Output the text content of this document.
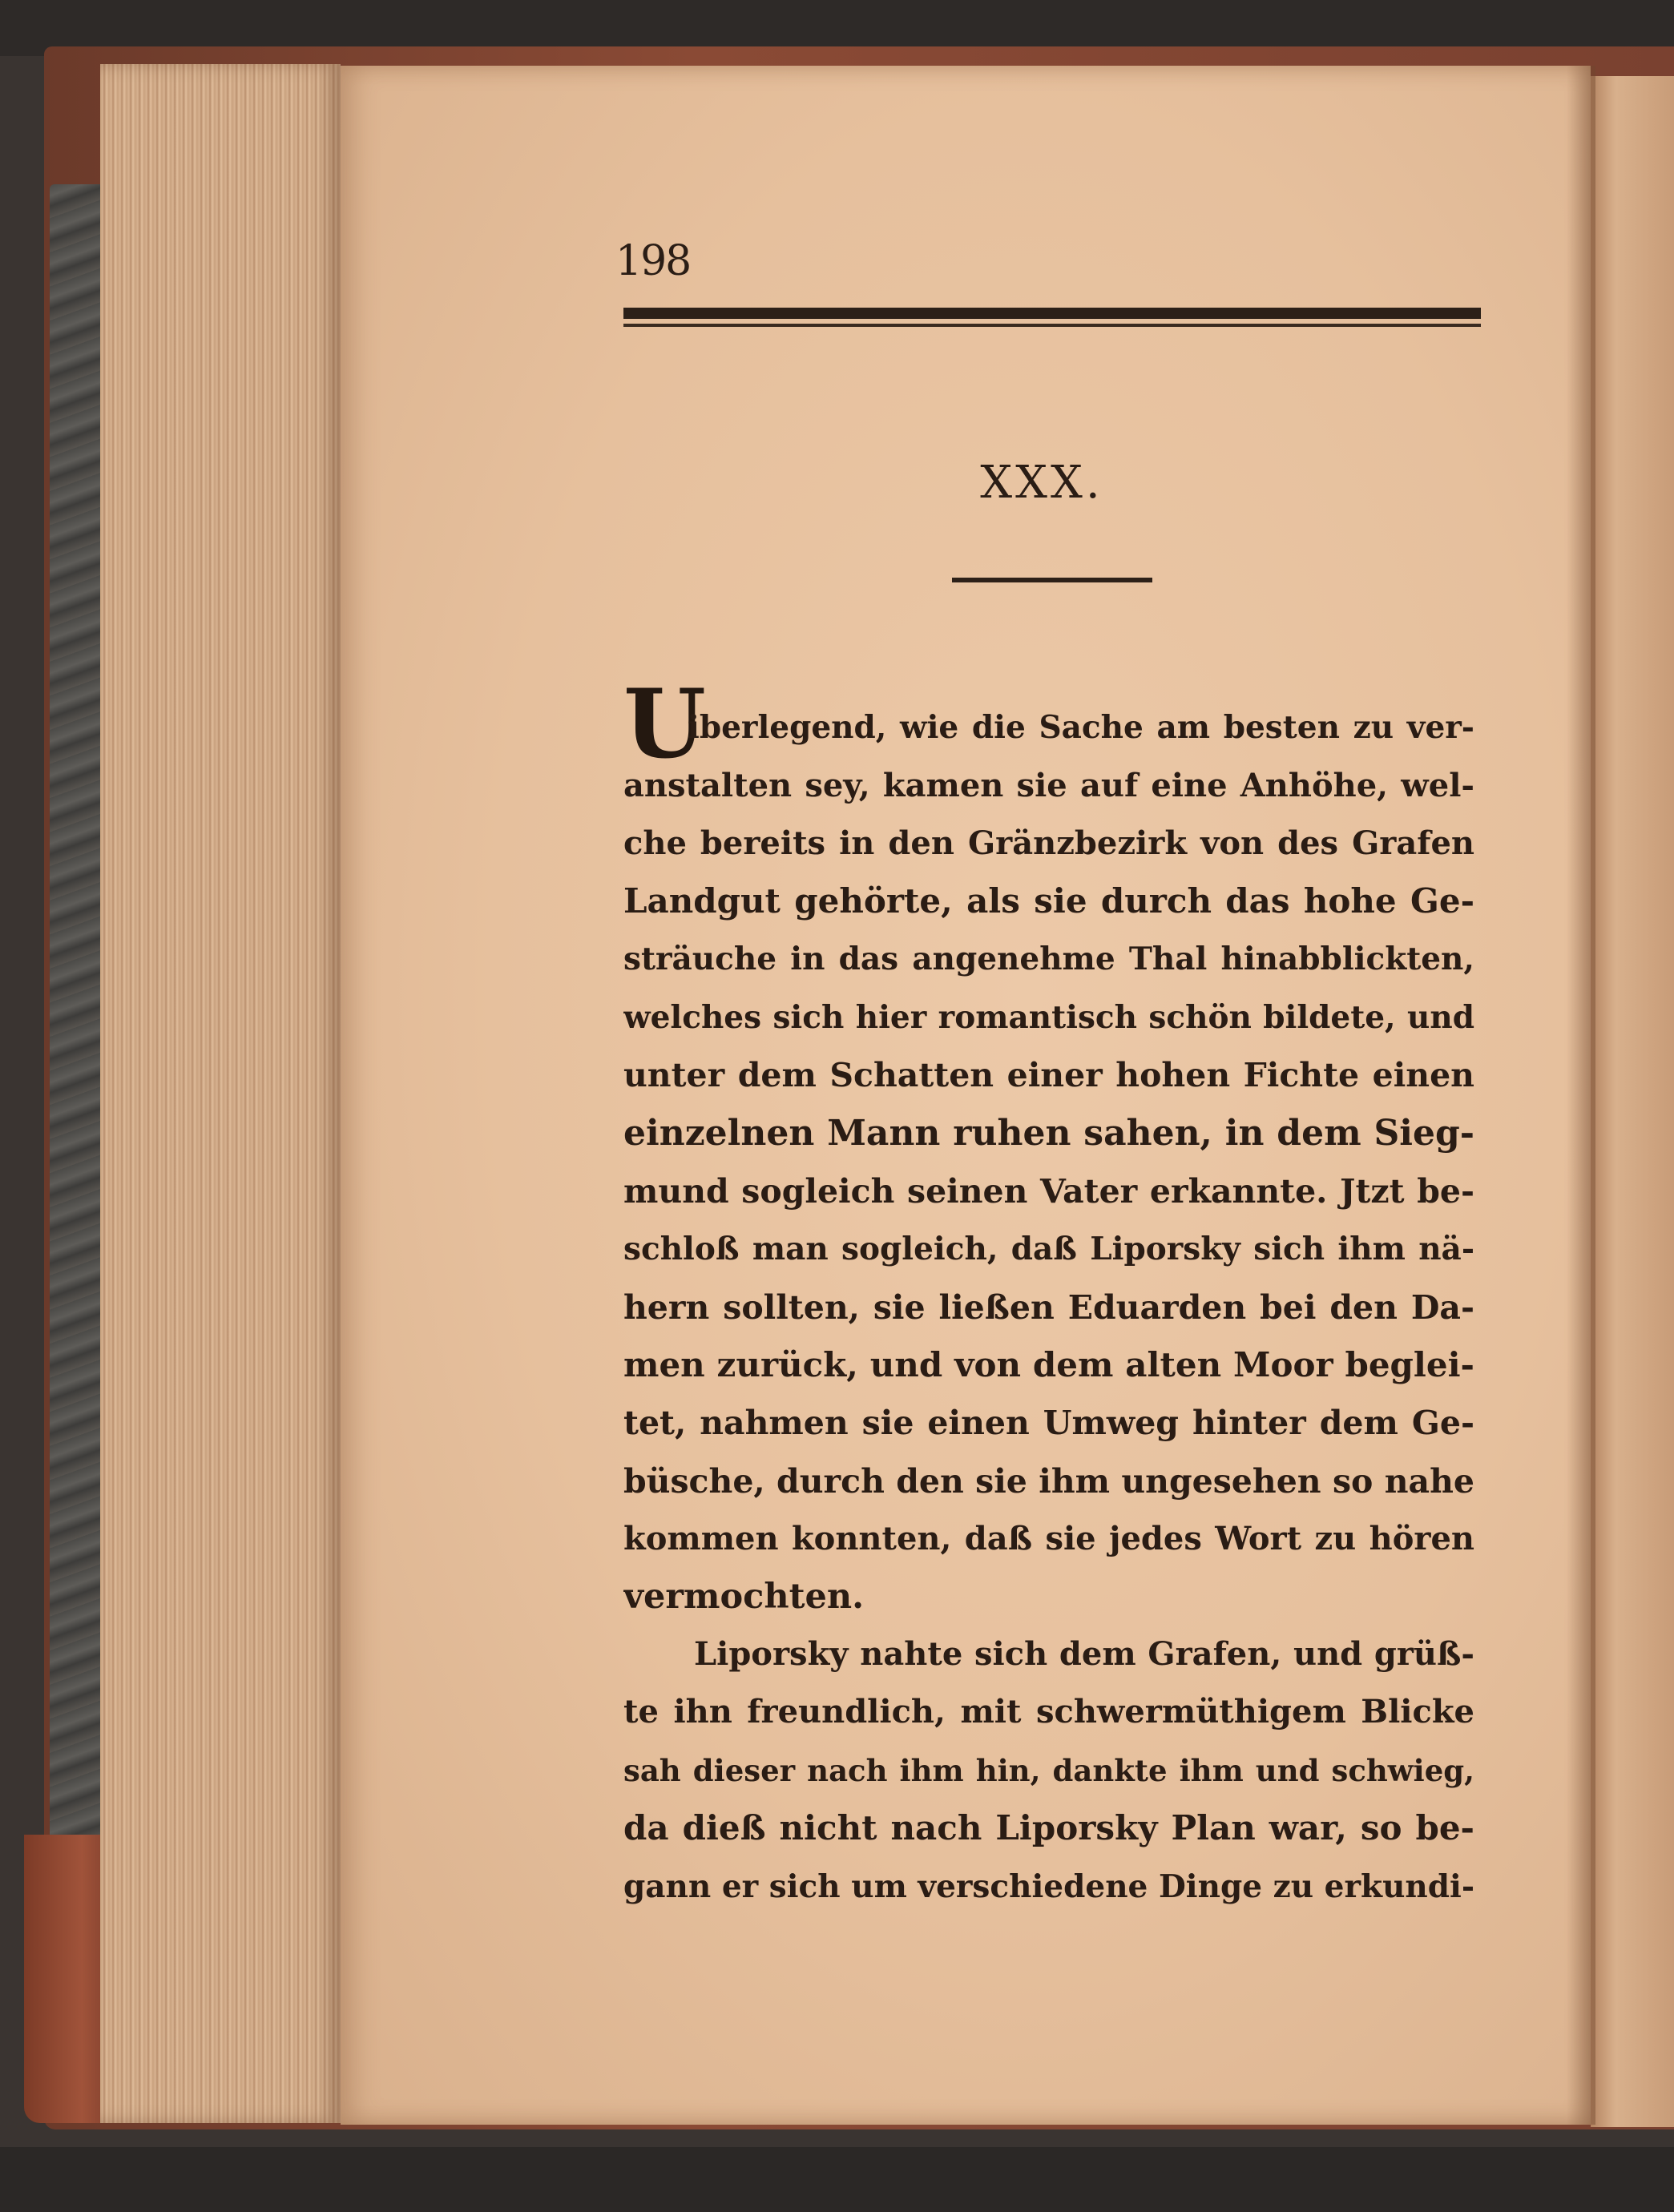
198
XXX.
U
iberlegend, wie die Sache am besten zu ver-
anstalten sey, kamen sie auf eine Anhöhe, wel-
che bereits in den Gränzbezirk von des Grafen
Landgut gehörte, als sie durch das hohe Ge-
sträuche in das angenehme Thal hinabblickten,
welches sich hier romantisch schön bildete, und
unter dem Schatten einer hohen Fichte einen
einzelnen Mann ruhen sahen, in dem Sieg-
mund sogleich seinen Vater erkannte. Jtzt be-
schloß man sogleich, daß Liporsky sich ihm nä-
hern sollten, sie ließen Eduarden bei den Da-
men zurück, und von dem alten Moor beglei-
tet, nahmen sie einen Umweg hinter dem Ge-
büsche, durch den sie ihm ungesehen so nahe
kommen konnten, daß sie jedes Wort zu hören
vermochten.
Liporsky nahte sich dem Grafen, und grüß-
te ihn freundlich, mit schwermüthigem Blicke
sah dieser nach ihm hin, dankte ihm und schwieg,
da dieß nicht nach Liporsky Plan war, so be-
gann er sich um verschiedene Dinge zu erkundi-
